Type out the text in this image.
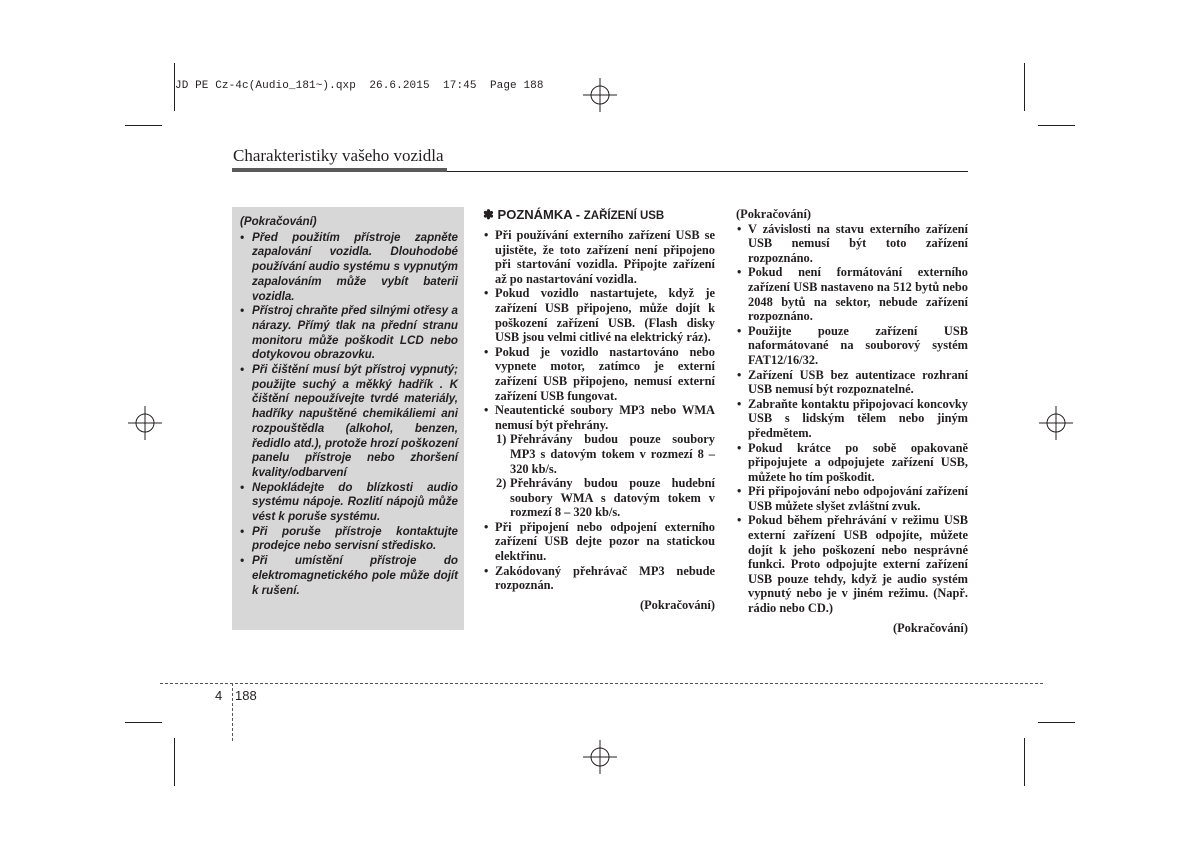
JD PE Cz-4c(Audio_181~).qxp  26.6.2015  17:45  Page 188
Charakteristiky vašeho vozidla
(Pokračování)
• Před použitím přístroje zapněte zapalování vozidla. Dlouhodobé používání audio systému s vypnutým zapalováním může vybít baterii vozidla.
• Přístroj chraňte před silnými otřesy a nárazy. Přímý tlak na přední stranu monitoru může poškodit LCD nebo dotykovou obrazovku.
• Při čištění musí být přístroj vypnutý; použijte suchý a měkký hadřík . K čištění nepoužívejte tvrdé materiály, hadříky napuštěné chemikáliemi ani rozpouštědla (alkohol, benzen, ředidlo atd.), protože hrozí poškození panelu přístroje nebo zhoršení kvality/odbarvení
• Nepokládejte do blízkosti audio systému nápoje. Rozlití nápojů může vést k poruše systému.
• Při poruše přístroje kontaktujte prodejce nebo servisní středisko.
• Při umístění přístroje do elektromagnetického pole může dojít k rušení.
✽ POZNÁMKA - ZAŘÍZENÍ USB
• Při používání externího zařízení USB se ujistěte, že toto zařízení není připojeno při startování vozidla. Připojte zařízení až po nastartování vozidla.
• Pokud vozidlo nastartujete, když je zařízení USB připojeno, může dojít k poškození zařízení USB. (Flash disky USB jsou velmi citlivé na elektrický ráz).
• Pokud je vozidlo nastartováno nebo vypnete motor, zatímco je externí zařízení USB připojeno, nemusí externí zařízení USB fungovat.
• Neautentické soubory MP3 nebo WMA nemusí být přehrány.
1) Přehrávány budou pouze soubory MP3 s datovým tokem v rozmezí 8 – 320 kb/s.
2) Přehrávány budou pouze hudební soubory WMA s datovým tokem v rozmezí 8 – 320 kb/s.
• Při připojení nebo odpojení externího zařízení USB dejte pozor na statickou elektřinu.
• Zakódovaný přehrávač MP3 nebude rozpoznán.
(Pokračování)
(Pokračování)
• V závislosti na stavu externího zařízení USB nemusí být toto zařízení rozpoznáno.
• Pokud není formátování externího zařízení USB nastaveno na 512 bytů nebo 2048 bytů na sektor, nebude zařízení rozpoznáno.
• Použijte pouze zařízení USB naformátované na souborový systém FAT12/16/32.
• Zařízení USB bez autentizace rozhraní USB nemusí být rozpoznatelné.
• Zabraňte kontaktu připojovací koncovky USB s lidským tělem nebo jiným předmětem.
• Pokud krátce po sobě opakovaně připojujete a odpojujete zařízení USB, můžete ho tím poškodit.
• Při připojování nebo odpojování zařízení USB můžete slyšet zvláštní zvuk.
• Pokud během přehrávání v režimu USB externí zařízení USB odpojíte, můžete dojít k jeho poškození nebo nesprávné funkci. Proto odpojujte externí zařízení USB pouze tehdy, když je audio systém vypnutý nebo je v jiném režimu. (Např. rádio nebo CD.)
(Pokračování)
4 188
